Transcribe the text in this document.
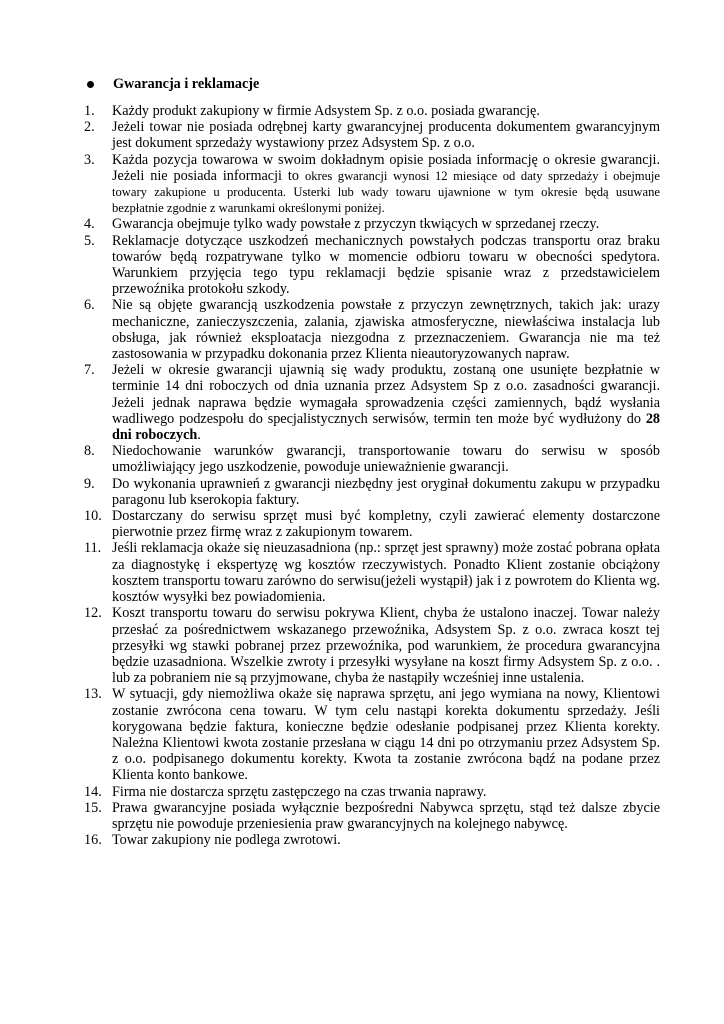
Gwarancja i reklamacje
1.	Każdy produkt zakupiony w firmie Adsystem Sp. z o.o. posiada gwarancję.
2.	Jeżeli towar nie posiada odrębnej karty gwarancyjnej producenta dokumentem gwarancyjnym jest dokument sprzedaży wystawiony przez Adsystem Sp. z o.o.
3.	Każda pozycja towarowa w swoim dokładnym opisie posiada informację o okresie gwarancji. Jeżeli nie posiada informacji to okres gwarancji wynosi 12 miesiące od daty sprzedaży i obejmuje towary zakupione u producenta. Usterki lub wady towaru ujawnione w tym okresie będą usuwane bezpłatnie zgodnie z warunkami określonymi poniżej.
4.	Gwarancja obejmuje tylko wady powstałe z przyczyn tkwiących w sprzedanej rzeczy.
5.	Reklamacje dotyczące uszkodzeń mechanicznych powstałych podczas transportu oraz braku towarów będą rozpatrywane tylko w momencie odbioru towaru w obecności spedytora. Warunkiem przyjęcia tego typu reklamacji będzie spisanie wraz z przedstawicielem przewoźnika protokołu szkody.
6.	Nie są objęte gwarancją uszkodzenia powstałe z przyczyn zewnętrznych, takich jak: urazy mechaniczne, zanieczyszczenia, zalania, zjawiska atmosferyczne, niewłaściwa instalacja lub obsługa, jak również eksploatacja niezgodna z przeznaczeniem. Gwarancja nie ma też zastosowania w przypadku dokonania przez Klienta nieautoryzowanych napraw.
7.	Jeżeli w okresie gwarancji ujawnią się wady produktu, zostaną one usunięte bezpłatnie w terminie 14 dni roboczych od dnia uznania przez Adsystem Sp z o.o. zasadności gwarancji. Jeżeli jednak naprawa będzie wymagała sprowadzenia części zamiennych, bądź wysłania wadliwego podzespołu do specjalistycznych serwisów, termin ten może być wydłużony do 28 dni roboczych.
8.	Niedochowanie warunków gwarancji, transportowanie towaru do serwisu w sposób umożliwiający jego uszkodzenie, powoduje unieważnienie gwarancji.
9.	Do wykonania uprawnień z gwarancji niezbędny jest oryginał dokumentu zakupu w przypadku paragonu lub kserokopia faktury.
10. Dostarczany do serwisu sprzęt musi być kompletny, czyli zawierać elementy dostarczone pierwotnie przez firmę wraz z zakupionym towarem.
11. Jeśli reklamacja okaże się nieuzasadniona (np.: sprzęt jest sprawny) może zostać pobrana opłata za diagnostykę i ekspertyzę wg kosztów rzeczywistych. Ponadto Klient zostanie obciążony kosztem transportu towaru zarówno do serwisu(jeżeli wystąpił) jak i z powrotem do Klienta wg. kosztów wysyłki bez powiadomienia.
12. Koszt transportu towaru do serwisu pokrywa Klient, chyba że ustalono inaczej. Towar należy przesłać za pośrednictwem wskazanego przewoźnika, Adsystem Sp. z o.o. zwraca koszt tej przesyłki wg stawki pobranej przez przewoźnika, pod warunkiem, że procedura gwarancyjna będzie uzasadniona. Wszelkie zwroty i przesyłki wysyłane na koszt firmy Adsystem Sp. z o.o. . lub za pobraniem nie są przyjmowane, chyba że nastąpiły wcześniej inne ustalenia.
13. W sytuacji, gdy niemożliwa okaże się naprawa sprzętu, ani jego wymiana na nowy, Klientowi zostanie zwrócona cena towaru. W tym celu nastąpi korekta dokumentu sprzedaży. Jeśli korygowana będzie faktura, konieczne będzie odesłanie podpisanej przez Klienta korekty. Należna Klientowi kwota zostanie przesłana w ciągu 14 dni po otrzymaniu przez Adsystem Sp. z o.o. podpisanego dokumentu korekty. Kwota ta zostanie zwrócona bądź na podane przez Klienta konto bankowe.
14. Firma nie dostarcza sprzętu zastępczego na czas trwania naprawy.
15. Prawa gwarancyjne posiada wyłącznie bezpośredni Nabywca sprzętu, stąd też dalsze zbycie sprzętu nie powoduje przeniesienia praw gwarancyjnych na kolejnego nabywcę.
16. Towar zakupiony nie podlega zwrotowi.
